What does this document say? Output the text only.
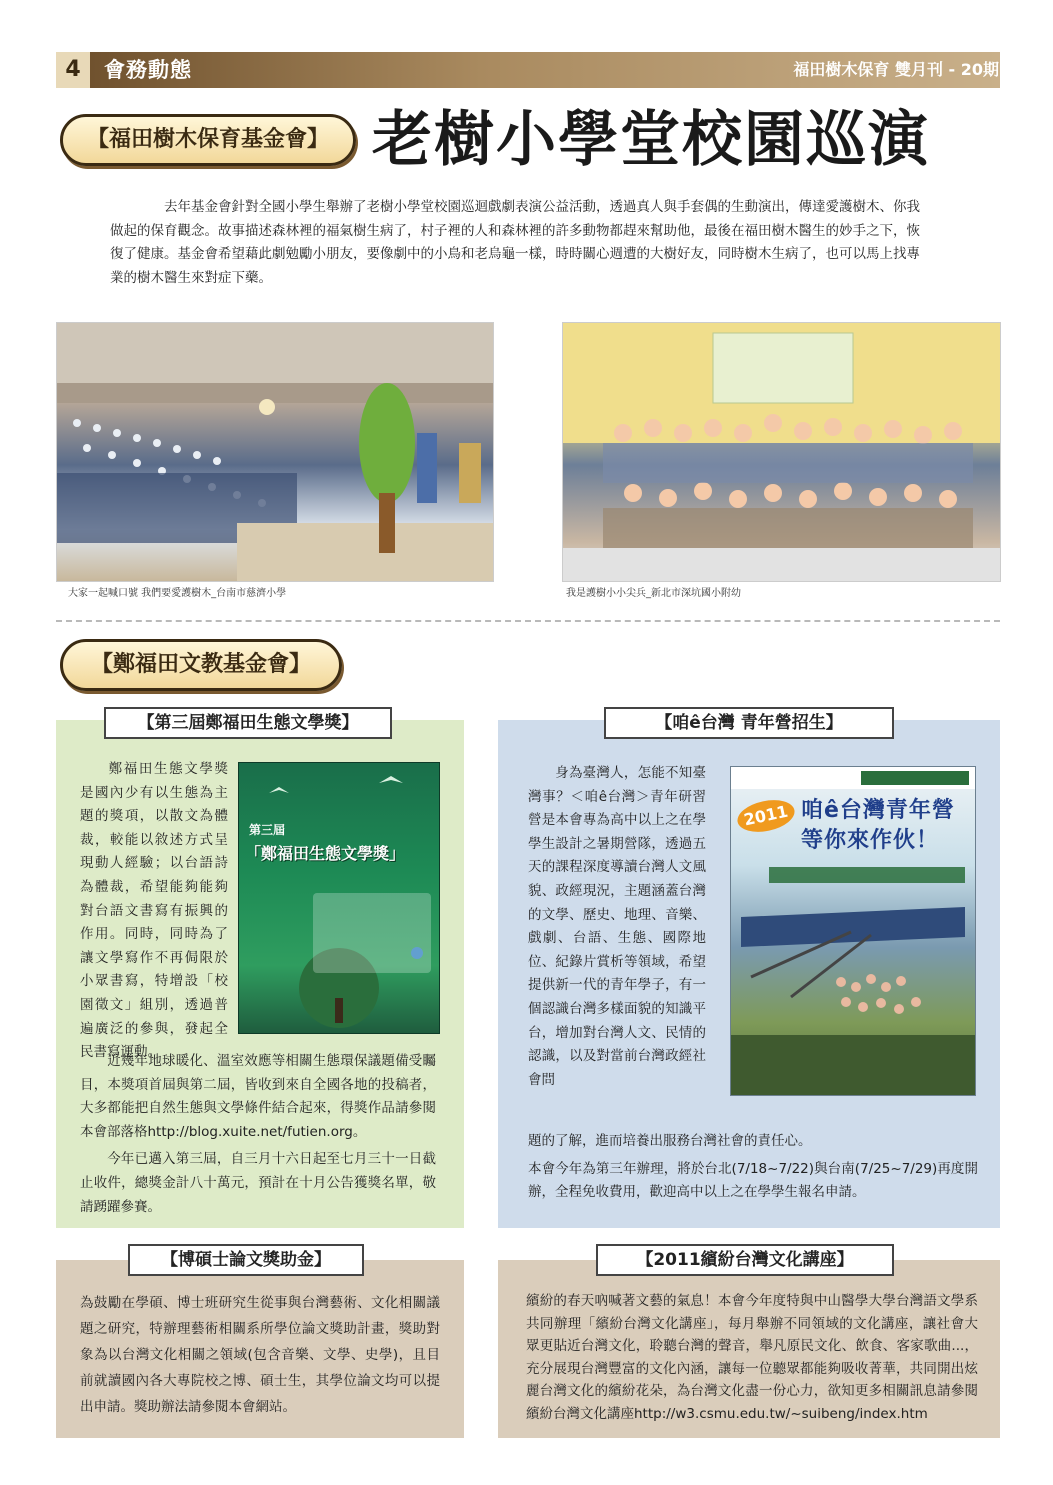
4	會務動態	福田樹木保育 雙月刊 - 20期
【福田樹木保育基金會】 老樹小學堂校園巡演
去年基金會針對全國小學生舉辦了老樹小學堂校園巡迴戲劇表演公益活動，透過真人與手套偶的生動演出，傳達愛護樹木、你我做起的保育觀念。故事描述森林裡的福氣樹生病了，村子裡的人和森林裡的許多動物都趕來幫助他，最後在福田樹木醫生的妙手之下，恢復了健康。基金會希望藉此劇勉勵小朋友，要像劇中的小鳥和老烏龜一樣，時時關心週遭的大樹好友，同時樹木生病了，也可以馬上找專業的樹木醫生來對症下藥。
大家一起喊口號 我們要愛護樹木_台南市慈濟小學	我是護樹小小尖兵_新北市深坑國小附幼
【鄭福田文教基金會】
【第三屆鄭福田生態文學獎】	【咱ê台灣 青年營招生】
【博碩士論文獎助金】	【2011繽紛台灣文化講座】
鄭福田生態文學獎是國內少有以生態為主題的獎項，以散文為體裁，較能以敘述方式呈現動人經驗；以台語詩為體裁，希望能夠能夠對台語文書寫有振興的作用。同時，同時為了讓文學寫作不再侷限於小眾書寫，特增設「校園徵文」組別，透過普遍廣泛的參與，發起全民書寫運動。
近幾年地球暖化、溫室效應等相關生態環保議題備受矚目，本獎項首屆與第二屆，皆收到來自全國各地的投稿者，大多都能把自然生態與文學條件結合起來，得獎作品請參閱本會部落格http://blog.xuite.net/futien.org。
今年已邁入第三屆，自三月十六日起至七月三十一日截止收件，總獎金計八十萬元，預計在十月公告獲獎名單，敬請踴躍參賽。
第三屆
「鄭福田生態文學獎」
身為臺灣人，怎能不知臺灣事？＜咱ê台灣＞青年研習營是本會專為高中以上之在學學生設計之暑期營隊，透過五天的課程深度導讀台灣人文風貌、政經現況，主題涵蓋台灣的文學、歷史、地理、音樂、戲劇、台語、生態、國際地位、紀錄片賞析等領域，希望提供新一代的青年學子，有一個認識台灣多樣面貌的知識平台，增加對台灣人文、民情的認識，以及對當前台灣政經社會問
題的了解，進而培養出服務台灣社會的責任心。
本會今年為第三年辦理，將於台北(7/18~7/22)與台南(7/25~7/29)再度開辦，全程免收費用，歡迎高中以上之在學學生報名申請。
2011 咱ê台灣青年營
等你來作伙！
為鼓勵在學碩、博士班研究生從事與台灣藝術、文化相關議題之研究，特辦理藝術相關系所學位論文獎助計畫，獎助對象為以台灣文化相關之領域(包含音樂、文學、史學)，且目前就讀國內各大專院校之博、碩士生，其學位論文均可以提出申請。獎助辦法請參閱本會網站。
繽紛的春天吶喊著文藝的氣息！本會今年度特與中山醫學大學台灣語文學系共同辦理「繽紛台灣文化講座」，每月舉辦不同領域的文化講座，讓社會大眾更貼近台灣文化，聆聽台灣的聲音，舉凡原民文化、飲食、客家歌曲...，充分展現台灣豐富的文化內涵，讓每一位聽眾都能夠吸收菁華，共同開出炫麗台灣文化的繽紛花朵，為台灣文化盡一份心力，欲知更多相關訊息請參閱繽紛台灣文化講座http://w3.csmu.edu.tw/~suibeng/index.htm
